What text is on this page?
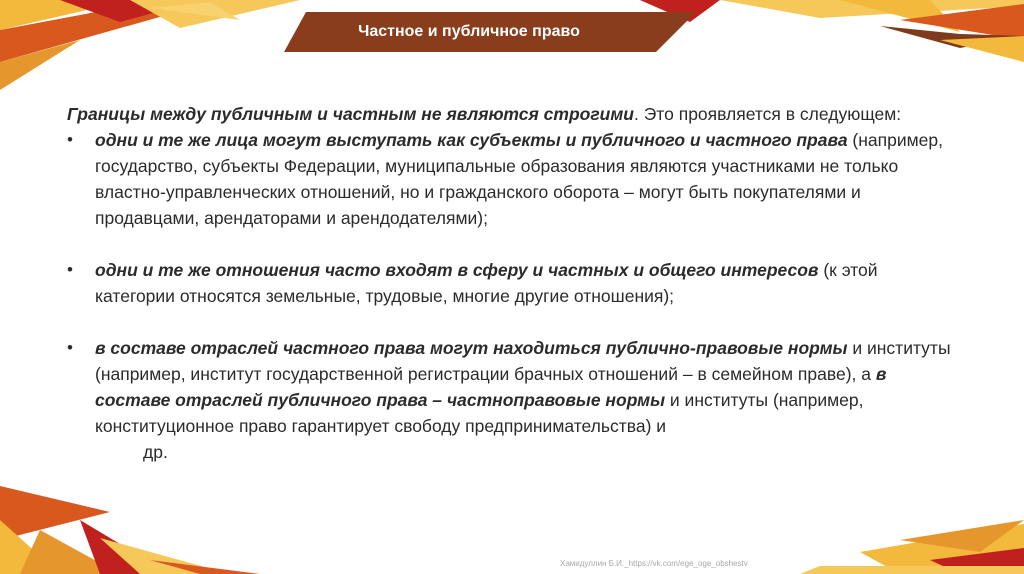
Частное и публичное право

Границы между публичным и частным не являются строгими. Это проявляется в следующем:

•	одни и те же лица могут выступать как субъекты и публичного и частного права (например, государство, субъекты Федерации, муниципальные образования являются участниками не только властно-управленческих отношений, но и гражданского оборота – могут быть покупателями и продавцами, арендаторами и арендодателями);
•	одни и те же отношения часто входят в сферу и частных и общего интересов (к этой категории относятся земельные, трудовые, многие другие отношения);
•	в составе отраслей частного права могут находиться публично-правовые нормы и институты (например, институт государственной регистрации брачных отношений – в семейном праве), а в составе отраслей публичного права – частноправовые нормы и институты (например, конституционное право гарантирует свободу предпринимательства) и
др.
Хамидуллин Б.И._https://vk.com/ege_oge_obshestv
